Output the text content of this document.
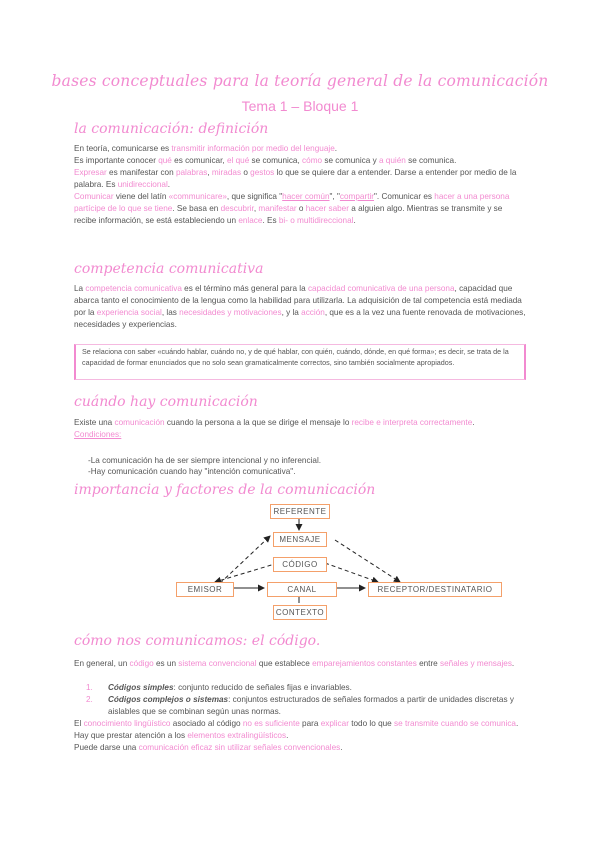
bases conceptuales para la teoría general de la comunicación
Tema 1 – Bloque 1
la comunicación: definición
En teoría, comunicarse es transmitir información por medio del lenguaje.
Es importante conocer qué es comunicar, el qué se comunica, cómo se comunica y a quién se comunica.
Expresar es manifestar con palabras, miradas o gestos lo que se quiere dar a entender. Darse a entender por medio de la palabra. Es unidireccional.
Comunicar viene del latín «communicare», que significa "hacer común", "compartir". Comunicar es hacer a una persona partícipe de lo que se tiene. Se basa en descubrir, manifestar o hacer saber a alguien algo. Mientras se transmite y se recibe información, se está estableciendo un enlace. Es bi- o multidireccional.
competencia comunicativa
La competencia comunicativa es el término más general para la capacidad comunicativa de una persona, capacidad que abarca tanto el conocimiento de la lengua como la habilidad para utilizarla. La adquisición de tal competencia está mediada por la experiencia social, las necesidades y motivaciones, y la acción, que es a la vez una fuente renovada de motivaciones, necesidades y experiencias.
Se relaciona con saber «cuándo hablar, cuándo no, y de qué hablar, con quién, cuándo, dónde, en qué forma»; es decir, se trata de la capacidad de formar enunciados que no solo sean gramaticalmente correctos, sino también socialmente apropiados.
cuándo hay comunicación
Existe una comunicación cuando la persona a la que se dirige el mensaje lo recibe e interpreta correctamente.
Condiciones:
-La comunicación ha de ser siempre intencional y no inferencial.
-Hay comunicación cuando hay "intención comunicativa".
importancia y factores de la comunicación
REFERENTE
MENSAJE
CÓDIGO
EMISOR	CANAL	RECEPTOR/DESTINATARIO
CONTEXTO
cómo nos comunicamos: el código.
En general, un código es un sistema convencional que establece emparejamientos constantes entre señales y mensajes.
1. Códigos simples: conjunto reducido de señales fijas e invariables.
2. Códigos complejos o sistemas: conjuntos estructurados de señales formados a partir de unidades discretas y aislables que se combinan según unas normas.
El conocimiento lingüístico asociado al código no es suficiente para explicar todo lo que se transmite cuando se comunica.
Hay que prestar atención a los elementos extralingüísticos.
Puede darse una comunicación eficaz sin utilizar señales convencionales.
